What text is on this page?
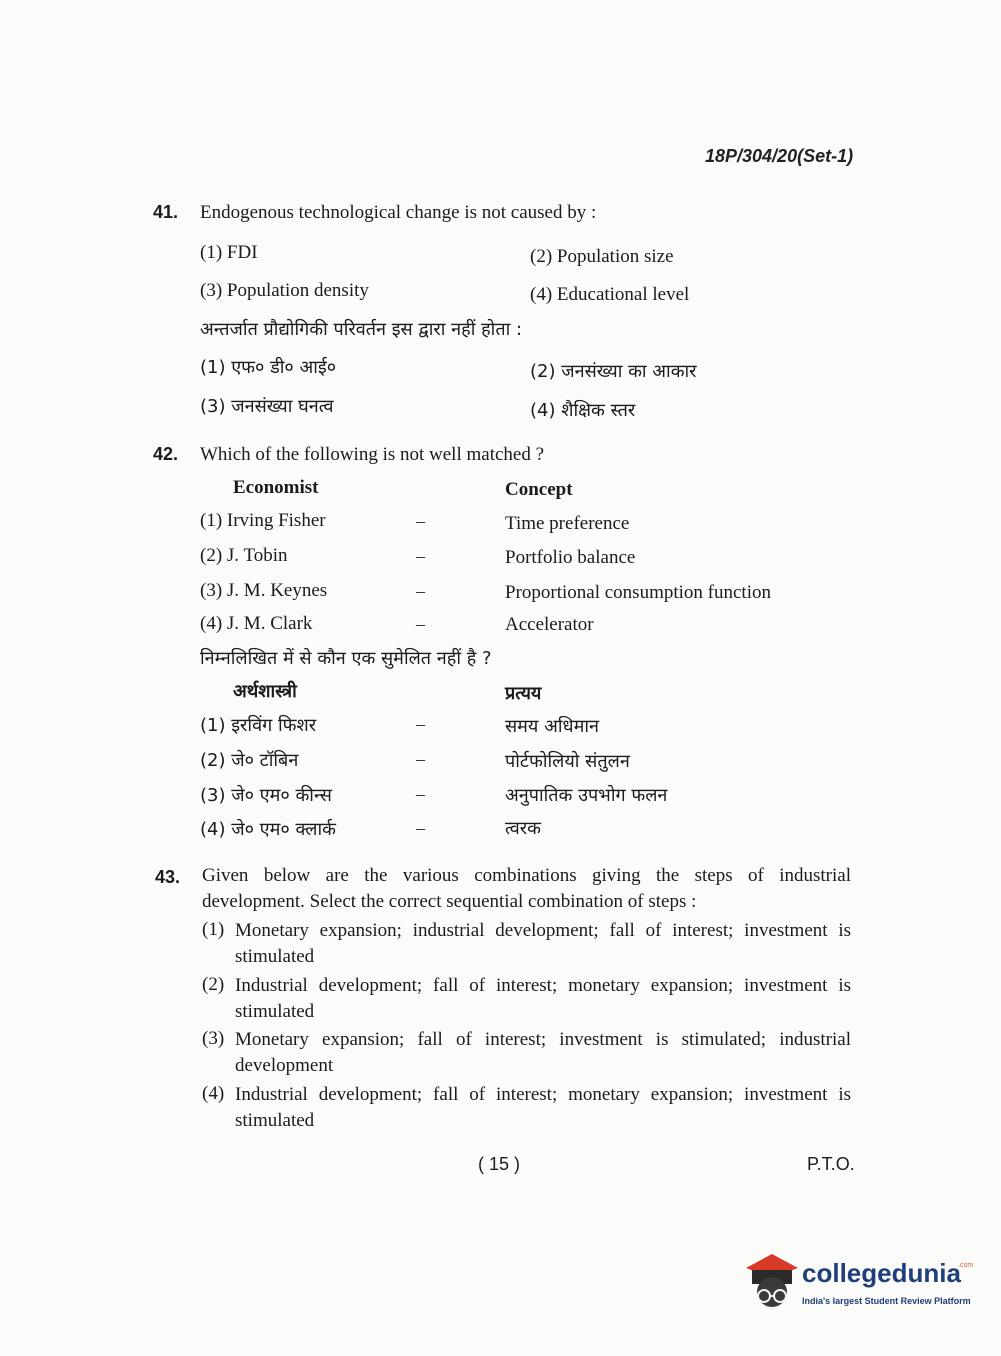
18P/304/20(Set-1)
41. Endogenous technological change is not caused by :
(1) FDI	(2) Population size
(3) Population density	(4) Educational level
अन्तर्जात प्रौद्योगिकी परिवर्तन इस द्वारा नहीं होता :
(1) एफ० डी० आई०	(2) जनसंख्या का आकार
(3) जनसंख्या घनत्व	(4) शैक्षिक स्तर
42. Which of the following is not well matched ?
Economist	Concept
(1) Irving Fisher	–	Time preference
(2) J. Tobin	–	Portfolio balance
(3) J. M. Keynes	–	Proportional consumption function
(4) J. M. Clark	–	Accelerator
निम्नलिखित में से कौन एक सुमेलित नहीं है ?
अर्थशास्त्री	प्रत्यय
(1) इरविंग फिशर	–	समय अधिमान
(2) जे० टॉबिन	–	पोर्टफोलियो संतुलन
(3) जे० एम० कीन्स	–	अनुपातिक उपभोग फलन
(4) जे० एम० क्लार्क	–	त्वरक
43. Given below are the various combinations giving the steps of industrial development. Select the correct sequential combination of steps :
(1) Monetary expansion; industrial development; fall of interest; investment is stimulated
(2) Industrial development; fall of interest; monetary expansion; investment is stimulated
(3) Monetary expansion; fall of interest; investment is stimulated; industrial development
(4) Industrial development; fall of interest; monetary expansion; investment is stimulated
( 15 )	P.T.O.
collegedunia
.com
India's largest Student Review Platform
